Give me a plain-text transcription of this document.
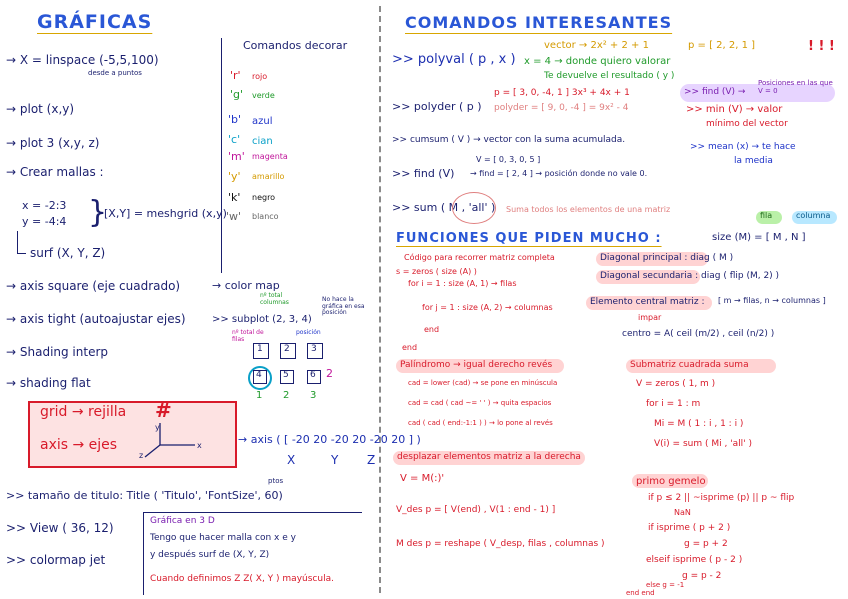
GRÁFICAS
→ X = linspace (-5,5,100)
desde a puntos
→ plot (x,y)
→ plot 3 (x,y, z)
→ Crear mallas :
x = -2:3
y = -4:4 }
[X,Y] = meshgrid (x,y)
surf (X, Y, Z)
→ axis square (eje cuadrado)
→ axis tight (autoajustar ejes)
→ Shading interp
→ shading flat
grid → rejilla #
axis → ejes
y
x
z
→ axis ( [ -20 20 -20 20 -20 20 ] )
X	Y Z
>> tamaño de titulo: Title ( 'Titulo', 'FontSize', 60)
ptos
>> View ( 36, 12)
>> colormap jet
Gráfica en 3 D
Tengo que hacer malla con x e y
y después surf de (X, Y, Z)
Cuando definimos Z Z( X, Y ) mayúscula.
Comandos decorar
'r' rojo
'g' verde
'b' azul
'c' cian
'm' magenta
'y' amarillo
'k' negro
'w' blanco
→ color map
nº total columnas
>> subplot (2, 3, 4)
nº total de filas
posición
No hace la gráfica en esa posición
1 2 3
4 5 6 2
1 2 3
COMANDOS INTERESANTES
>> polyval ( p , x )
vector → 2x² + 2 + 1	p = [ 2, 2, 1 ]
x = 4 → donde quiero valorar
Te devuelve el resultado ( y )
! ! !
>> polyder ( p )
p = [ 3, 0, -4, 1 ] 3x³ + 4x + 1
polyder = [ 9, 0, -4 ] = 9x² - 4
>> find (V) →
Posiciones en las que V = 0
>> min (V) → valor
mínimo del vector
>> mean (x) → te hace
la media
>> cumsum ( V ) → vector con la suma acumulada.
V = [ 0, 3, 0, 5 ]
>> find (V) → find = [ 2, 4 ] → posición donde no vale 0.
>> sum ( M , 'all' ) Suma todos los elementos de una matriz
fila	columna
size (M) = [ M , N ]
FUNCIONES QUE PIDEN MUCHO :
Código para recorrer matriz completa
s = zeros ( size (A) )
for i = 1 : size (A, 1) → filas
for j = 1 : size (A, 2) → columnas
end
end
Diagonal principal : diag ( M )
Diagonal secundaria : diag ( flip (M, 2) )
Elemento central matriz : [ m → filas, n → columnas ]
impar
centro = A( ceil (m/2) , ceil (n/2) )
Palíndromo → igual derecho revés
cad = lower (cad) → se pone en minúscula
cad = cad ( cad ~= ' ' ) → quita espacios
cad ( cad ( end:-1:1 ) ) → lo pone al revés
desplazar elementos matriz a la derecha
V = M(:)'
V_des p = [ V(end) , V(1 : end - 1) ]
M des p = reshape ( V_desp, filas , columnas )
Submatriz cuadrada suma
V = zeros ( 1, m )
for i = 1 : m
Mi = M ( 1 : i , 1 : i )
V(i) = sum ( Mi , 'all' )
primo gemelo
if p ≤ 2 || ~isprime (p) || p ~ flip
NaN
if isprime ( p + 2 )
g = p + 2
elseif isprime ( p - 2 )
g = p - 2
else g = -1
end end
